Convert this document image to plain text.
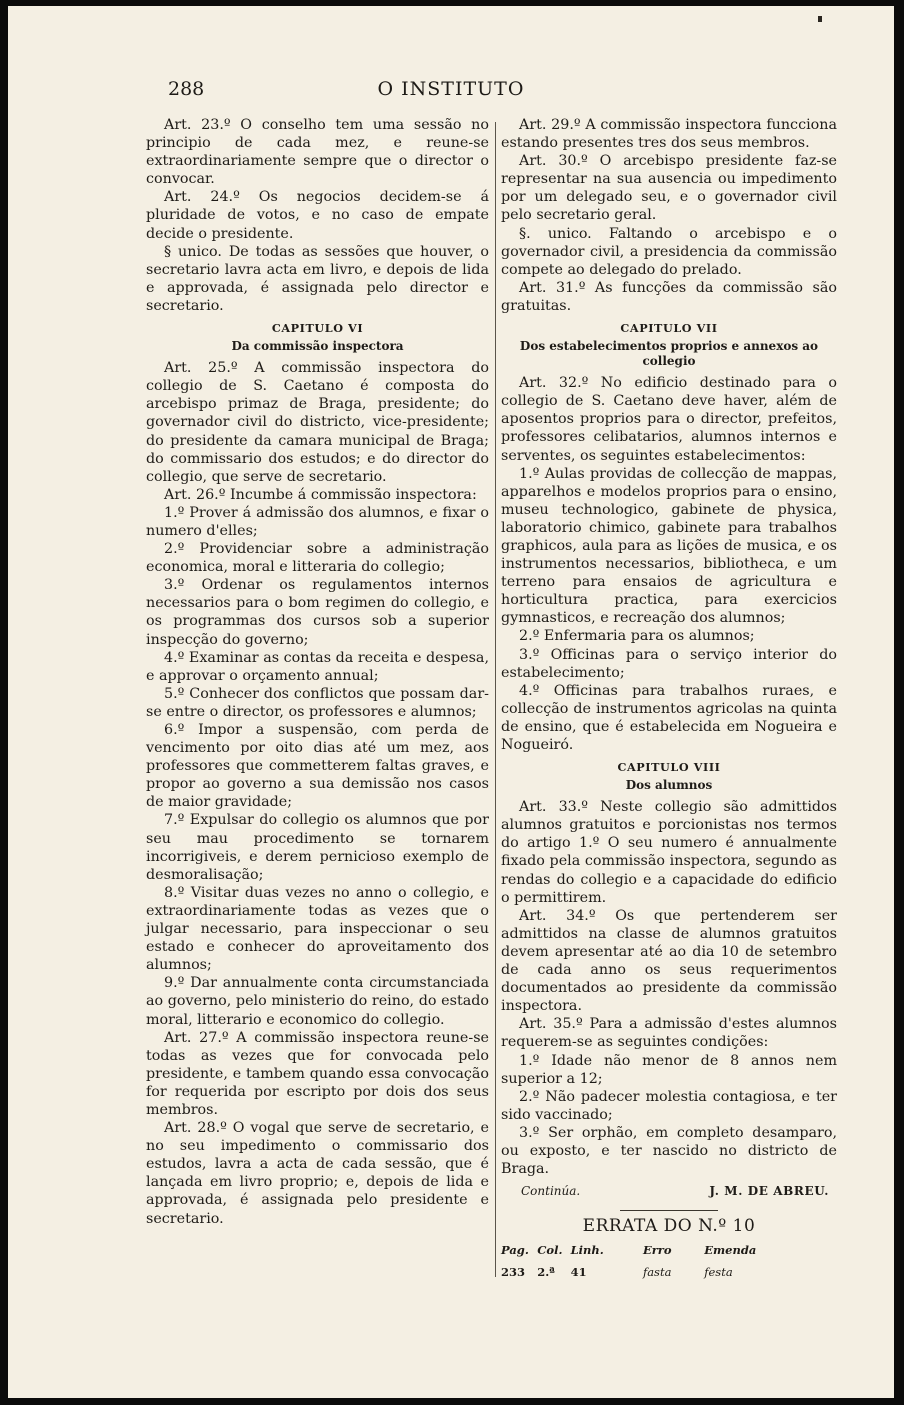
288	O INSTITUTO

Art. 23.º O conselho tem uma sessão no principio de cada mez, e reune-se extraordinariamente sempre que o director o convocar.

Art. 24.º Os negocios decidem-se á pluridade de votos, e no caso de empate decide o presidente.

§ unico. De todas as sessões que houver, o secretario lavra acta em livro, e depois de lida e approvada, é assignada pelo director e secretario.

CAPITULO VI
Da commissão inspectora

Art. 25.º A commissão inspectora do collegio de S. Caetano é composta do arcebispo primaz de Braga, presidente; do governador civil do districto, vice-presidente; do presidente da camara municipal de Braga; do commissario dos estudos; e do director do collegio, que serve de secretario.

Art. 26.º Incumbe á commissão inspectora:

1.º Prover á admissão dos alumnos, e fixar o numero d'elles;

2.º Providenciar sobre a administração economica, moral e litteraria do collegio;

3.º Ordenar os regulamentos internos necessarios para o bom regimen do collegio, e os programmas dos cursos sob a superior inspecção do governo;

4.º Examinar as contas da receita e despesa, e approvar o orçamento annual;

5.º Conhecer dos conflictos que possam dar-se entre o director, os professores e alumnos;

6.º Impor a suspensão, com perda de vencimento por oito dias até um mez, aos professores que commetterem faltas graves, e propor ao governo a sua demissão nos casos de maior gravidade;

7.º Expulsar do collegio os alumnos que por seu mau procedimento se tornarem incorrigiveis, e derem pernicioso exemplo de desmoralisação;

8.º Visitar duas vezes no anno o collegio, e extraordinariamente todas as vezes que o julgar necessario, para inspeccionar o seu estado e conhecer do aproveitamento dos alumnos;

9.º Dar annualmente conta circumstanciada ao governo, pelo ministerio do reino, do estado moral, litterario e economico do collegio.

Art. 27.º A commissão inspectora reune-se todas as vezes que for convocada pelo presidente, e tambem quando essa convocação for requerida por escripto por dois dos seus membros.

Art. 28.º O vogal que serve de secretario, e no seu impedimento o commissario dos estudos, lavra a acta de cada sessão, que é lançada em livro proprio; e, depois de lida e approvada, é assignada pelo presidente e secretario.

Art. 29.º A commissão inspectora funcciona estando presentes tres dos seus membros.

Art. 30.º O arcebispo presidente faz-se representar na sua ausencia ou impedimento por um delegado seu, e o governador civil pelo secretario geral.

§. unico. Faltando o arcebispo e o governador civil, a presidencia da commissão compete ao delegado do prelado.

Art. 31.º As funcções da commissão são gratuitas.

CAPITULO VII
Dos estabelecimentos proprios e annexos ao collegio

Art. 32.º No edificio destinado para o collegio de S. Caetano deve haver, além de aposentos proprios para o director, prefeitos, professores celibatarios, alumnos internos e serventes, os seguintes estabelecimentos:

1.º Aulas providas de collecção de mappas, apparelhos e modelos proprios para o ensino, museu technologico, gabinete de physica, laboratorio chimico, gabinete para trabalhos graphicos, aula para as lições de musica, e os instrumentos necessarios, bibliotheca, e um terreno para ensaios de agricultura e horticultura practica, para exercicios gymnasticos, e recreação dos alumnos;

2.º Enfermaria para os alumnos;

3.º Officinas para o serviço interior do estabelecimento;

4.º Officinas para trabalhos ruraes, e collecção de instrumentos agricolas na quinta de ensino, que é estabelecida em Nogueira e Nogueiró.

CAPITULO VIII
Dos alumnos

Art. 33.º Neste collegio são admittidos alumnos gratuitos e porcionistas nos termos do artigo 1.º O seu numero é annualmente fixado pela commissão inspectora, segundo as rendas do collegio e a capacidade do edificio o permittirem.

Art. 34.º Os que pertenderem ser admittidos na classe de alumnos gratuitos devem apresentar até ao dia 10 de setembro de cada anno os seus requerimentos documentados ao presidente da commissão inspectora.

Art. 35.º Para a admissão d'estes alumnos requerem-se as seguintes condições:

1.º Idade não menor de 8 annos nem superior a 12;

2.º Não padecer molestia contagiosa, e ter sido vaccinado;

3.º Ser orphão, em completo desamparo, ou exposto, e ter nascido no districto de Braga.

Continúa.	J. M. DE ABREU.
ERRATA DO N.º 10
Pag.	Col.	Linh.	Erro	Emenda
233	2.ª	41	fasta	festa
